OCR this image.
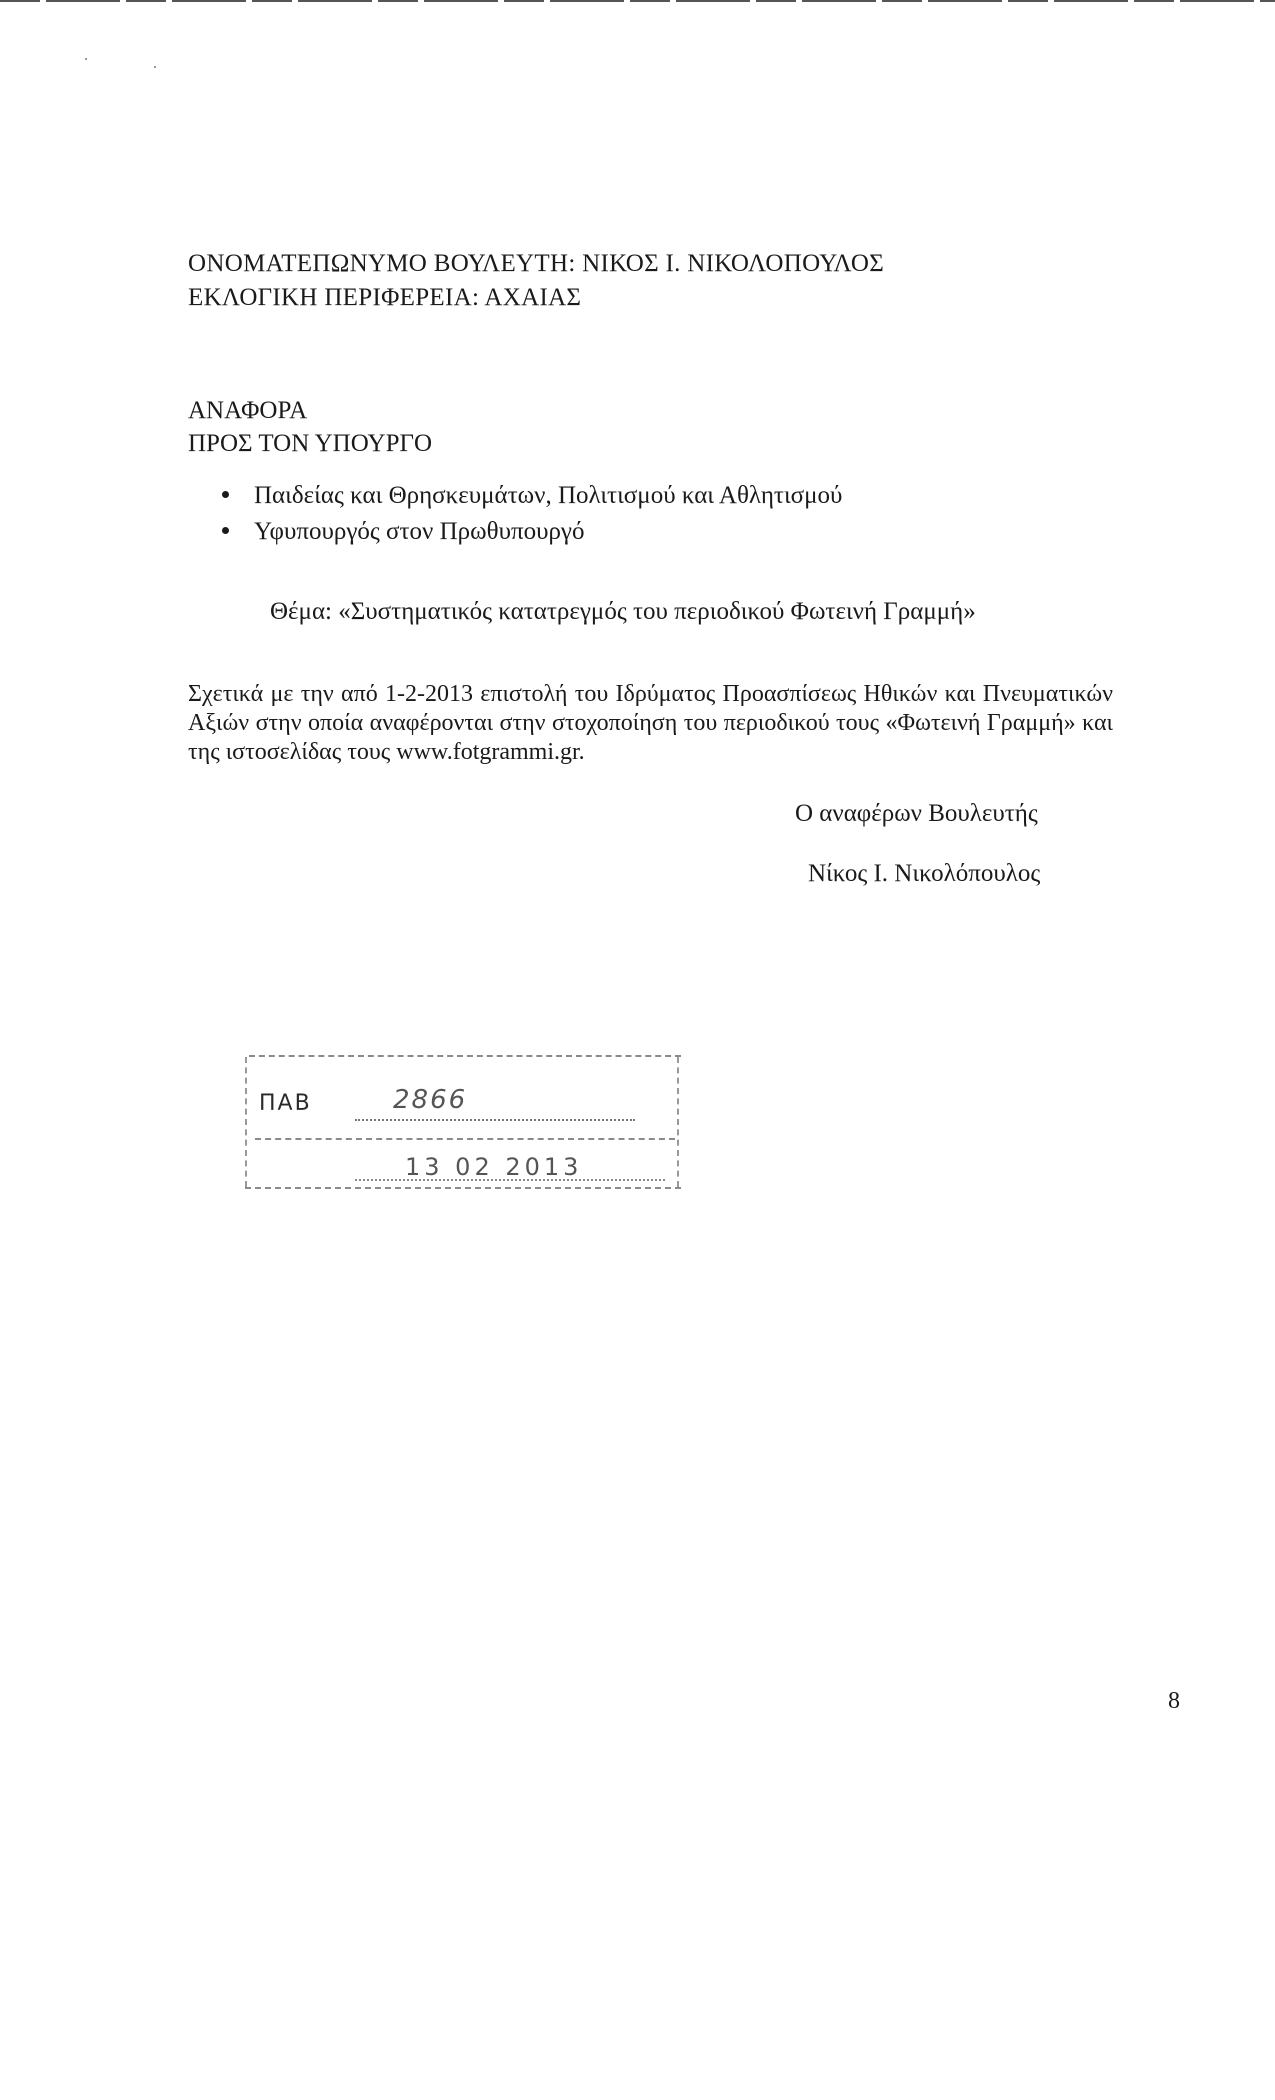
ΟΝΟΜΑΤΕΠΩΝΥΜΟ ΒΟΥΛΕΥΤΗ: ΝΙΚΟΣ Ι. ΝΙΚΟΛΟΠΟΥΛΟΣ
ΕΚΛΟΓΙΚΗ ΠΕΡΙΦΕΡΕΙΑ: ΑΧΑΙΑΣ
ΑΝΑΦΟΡΑ
ΠΡΟΣ ΤΟΝ ΥΠΟΥΡΓΟ
Παιδείας και Θρησκευμάτων, Πολιτισμού και Αθλητισμού
Υφυπουργός στον Πρωθυπουργό
Θέμα: «Συστηματικός κατατρεγμός του περιοδικού Φωτεινή Γραμμή»
Σχετικά με την από 1-2-2013 επιστολή του Ιδρύματος Προασπίσεως Ηθικών και Πνευματικών Αξιών στην οποία αναφέρονται στην στοχοποίηση του περιοδικού τους «Φωτεινή Γραμμή» και της ιστοσελίδας τους www.fotgrammi.gr.
Ο αναφέρων Βουλευτής
Νίκος Ι. Νικολόπουλος
ΠΑΒ	2866
13 02 2013
8
